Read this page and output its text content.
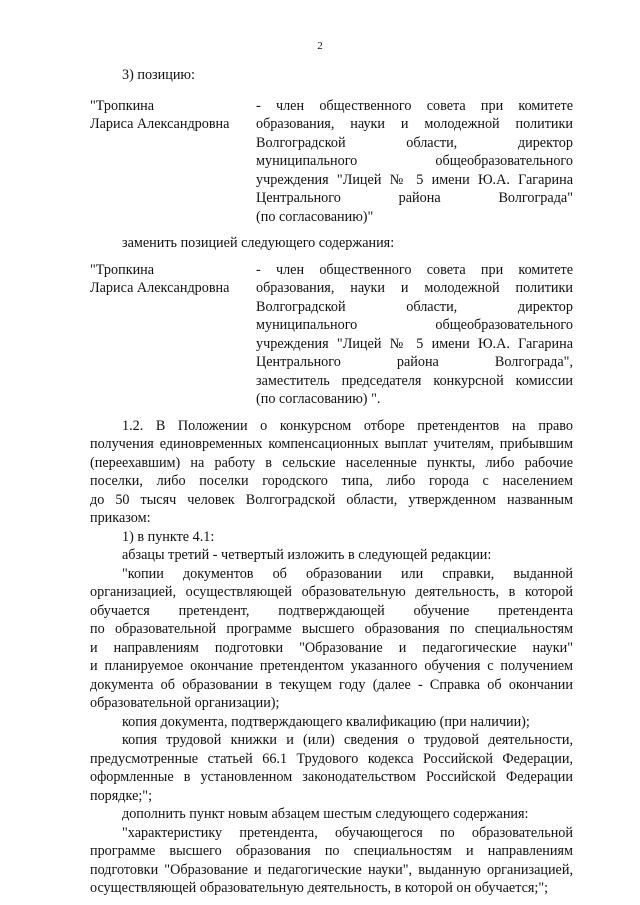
2

3) позицию:

"Тропкина
Лариса Александровна
- член общественного совета при комитете
образования, науки и молодежной политики
Волгоградской области, директор
муниципального общеобразовательного
учреждения "Лицей № 5 имени Ю.А. Гагарина
Центрального района Волгограда"
(по согласованию)"

заменить позицией следующего содержания:

"Тропкина
Лариса Александровна
- член общественного совета при комитете
образования, науки и молодежной политики
Волгоградской области, директор
муниципального общеобразовательного
учреждения "Лицей № 5 имени Ю.А. Гагарина
Центрального района Волгограда",
заместитель председателя конкурсной комиссии
(по согласованию) ".
1.2. В Положении о конкурсном отборе претендентов на право
получения единовременных компенсационных выплат учителям, прибывшим
(переехавшим) на работу в сельские населенные пункты, либо рабочие
поселки, либо поселки городского типа, либо города с населением
до 50 тысяч человек Волгоградской области, утвержденном названным
приказом:
1) в пункте 4.1:
абзацы третий - четвертый изложить в следующей редакции:
"копии документов об образовании или справки, выданной
организацией, осуществляющей образовательную деятельность, в которой
обучается претендент, подтверждающей обучение претендента
по образовательной программе высшего образования по специальностям
и направлениям подготовки "Образование и педагогические науки"
и планируемое окончание претендентом указанного обучения с получением
документа об образовании в текущем году (далее - Справка об окончании
образовательной организации);
копия документа, подтверждающего квалификацию (при наличии);
копия трудовой книжки и (или) сведения о трудовой деятельности,
предусмотренные статьей 66.1 Трудового кодекса Российской Федерации,
оформленные в установленном законодательством Российской Федерации
порядке;";
дополнить пункт новым абзацем шестым следующего содержания:
"характеристику претендента, обучающегося по образовательной
программе высшего образования по специальностям и направлениям
подготовки "Образование и педагогические науки", выданную организацией,
осуществляющей образовательную деятельность, в которой он обучается;";
